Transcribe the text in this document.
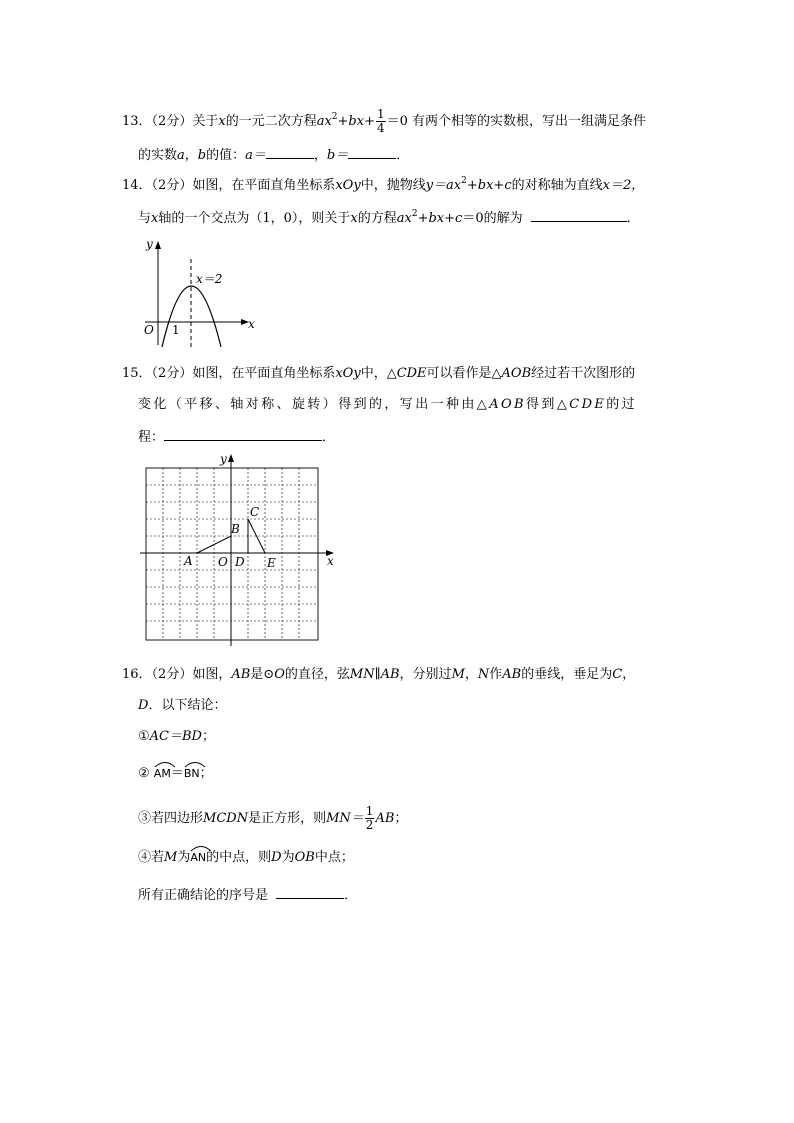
13．（2分）关于x的一元二次方程$ax^2+bx+ \frac{1}{4} =0$ 有两个相等的实数根，写出一组满足条件
的实数a，b的值：a＝	，b＝	．
14．（2分）如图，在平面直角坐标系xOy中，抛物线$y=ax^2+bx+c$的对称轴为直线x＝2，
与x轴的一个交点为（1，0），则关于x的方程$ax^2+bx+c=0$的解为	．
y
x
O 1
x＝2
15．（2分）如图，在平面直角坐标系xOy中，△CDE可以看作是△AOB经过若干次图形的
变化（平移、轴对称、旋转）得到的，写出一种由△AOB得到△CDE的过
程：	．
y
x
A
B
C
O D E
16．（2分）如图，AB是⊙O的直径，弦MN∥AB，分别过M，N作AB的垂线，垂足为C，
D．以下结论：
①AC＝BD；
② AM＝
BN；
③若四边形MCDN是正方形，则$MN= \frac{1}{2}$ AB；
④若M为
AN的中点，则D为OB中点；
所有正确结论的序号是	．
